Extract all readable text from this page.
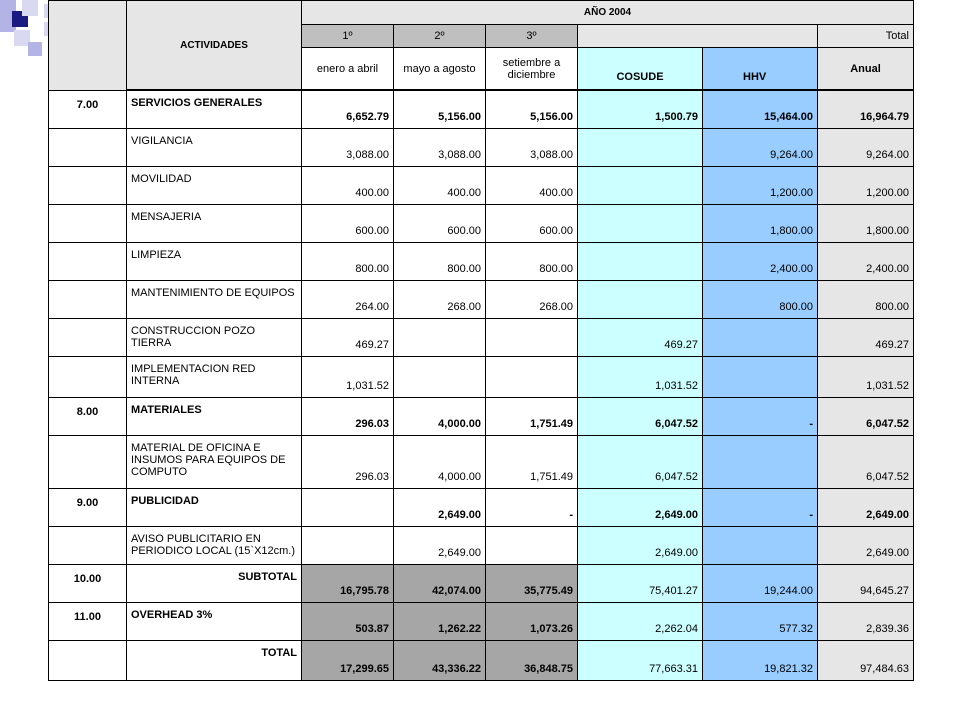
	ACTIVIDADES	AÑO 2004					
		1º	2º	3º			Total
		enero a abril	mayo a agosto	setiembre a diciembre	COSUDE	HHV	Anual

7.00	SERVICIOS GENERALES	6,652.79	5,156.00	5,156.00	1,500.79	15,464.00	16,964.79
	VIGILANCIA	3,088.00	3,088.00	3,088.00		9,264.00	9,264.00
	MOVILIDAD	400.00	400.00	400.00		1,200.00	1,200.00
	MENSAJERIA	600.00	600.00	600.00		1,800.00	1,800.00
	LIMPIEZA	800.00	800.00	800.00		2,400.00	2,400.00
	MANTENIMIENTO DE EQUIPOS	264.00	268.00	268.00		800.00	800.00
	CONSTRUCCION POZO TIERRA	469.27			469.27		469.27
	IMPLEMENTACION RED INTERNA	1,031.52			1,031.52		1,031.52
8.00	MATERIALES	296.03	4,000.00	1,751.49	6,047.52	-	6,047.52
	MATERIAL DE OFICINA E INSUMOS PARA EQUIPOS DE COMPUTO	296.03	4,000.00	1,751.49	6,047.52		6,047.52
9.00	PUBLICIDAD		2,649.00	-	2,649.00	-	2,649.00
	AVISO PUBLICITARIO EN PERIODICO LOCAL (15`X12cm.)		2,649.00		2,649.00		2,649.00
10.00	SUBTOTAL	16,795.78	42,074.00	35,775.49	75,401.27	19,244.00	94,645.27
11.00	OVERHEAD 3%	503.87	1,262.22	1,073.26	2,262.04	577.32	2,839.36
	TOTAL	17,299.65	43,336.22	36,848.75	77,663.31	19,821.32	97,484.63
